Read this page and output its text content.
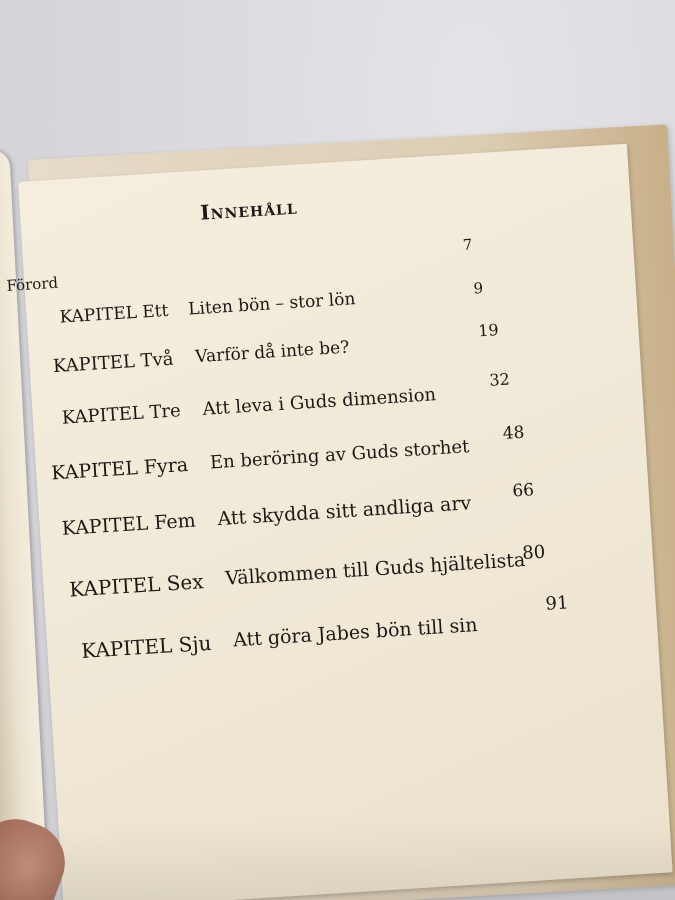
Innehåll
Förord
7
KAPITEL Ett Liten bön – stor lön
9
KAPITEL Två Varför då inte be?
19
KAPITEL Tre Att leva i Guds dimension
32
KAPITEL Fyra En beröring av Guds storhet
48
KAPITEL Fem Att skydda sitt andliga arv
66
KAPITEL Sex Välkommen till Guds hjältelista
80
KAPITEL Sju Att göra Jabes bön till sin
91
